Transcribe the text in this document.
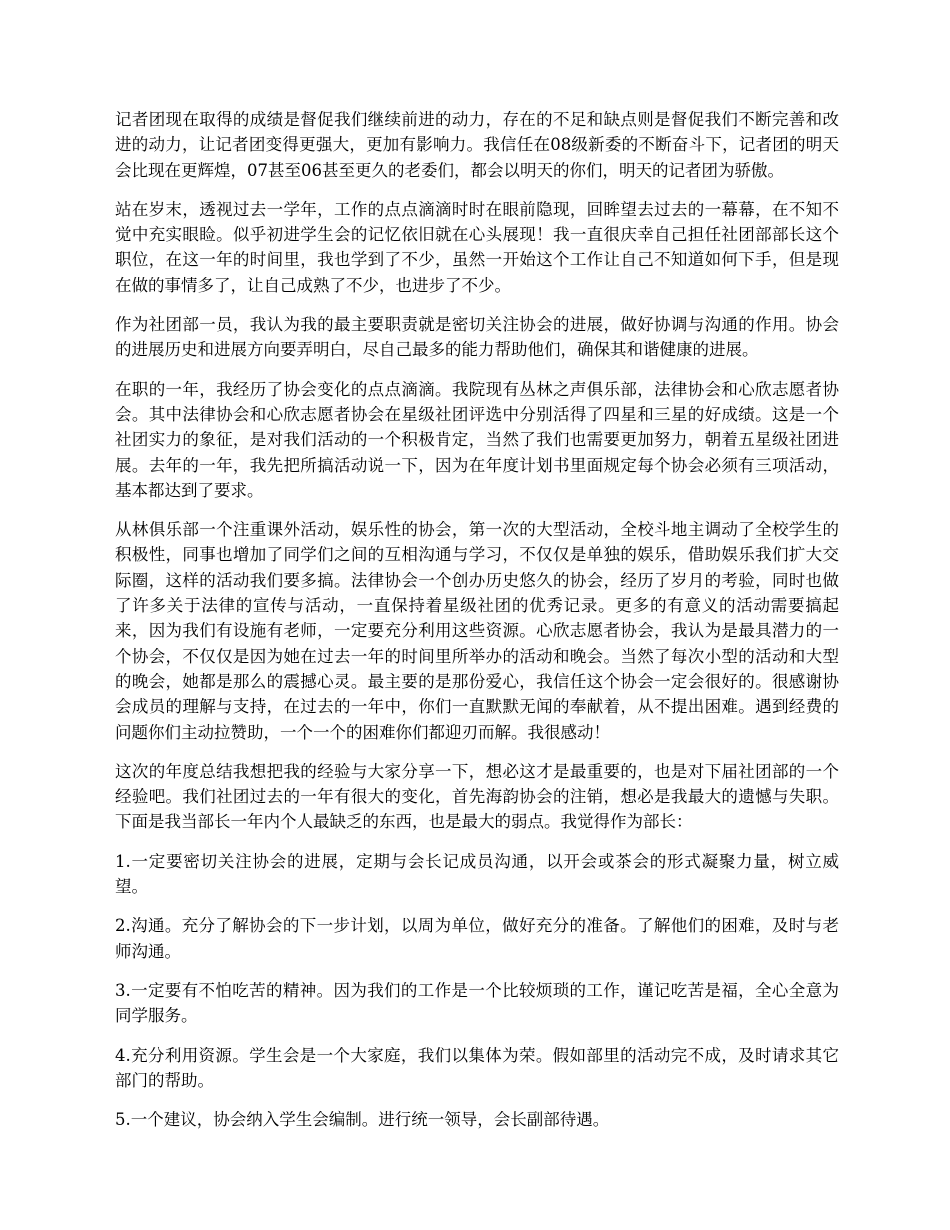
记者团现在取得的成绩是督促我们继续前进的动力，存在的不足和缺点则是督促我们不断完善和改进的动力，让记者团变得更强大，更加有影响力。我信任在08级新委的不断奋斗下，记者团的明天会比现在更辉煌，07甚至06甚至更久的老委们，都会以明天的你们，明天的记者团为骄傲。

站在岁末，透视过去一学年，工作的点点滴滴时时在眼前隐现，回眸望去过去的一幕幕，在不知不觉中充实眼睑。似乎初进学生会的记忆依旧就在心头展现！我一直很庆幸自己担任社团部部长这个职位，在这一年的时间里，我也学到了不少，虽然一开始这个工作让自己不知道如何下手，但是现在做的事情多了，让自己成熟了不少，也进步了不少。

作为社团部一员，我认为我的最主要职责就是密切关注协会的进展，做好协调与沟通的作用。协会的进展历史和进展方向要弄明白，尽自己最多的能力帮助他们，确保其和谐健康的进展。

在职的一年，我经历了协会变化的点点滴滴。我院现有丛林之声俱乐部，法律协会和心欣志愿者协会。其中法律协会和心欣志愿者协会在星级社团评选中分别活得了四星和三星的好成绩。这是一个社团实力的象征，是对我们活动的一个积极肯定，当然了我们也需要更加努力，朝着五星级社团进展。去年的一年，我先把所搞活动说一下，因为在年度计划书里面规定每个协会必须有三项活动，基本都达到了要求。

从林俱乐部一个注重课外活动，娱乐性的协会，第一次的大型活动，全校斗地主调动了全校学生的积极性，同事也增加了同学们之间的互相沟通与学习，不仅仅是单独的娱乐，借助娱乐我们扩大交际圈，这样的活动我们要多搞。法律协会一个创办历史悠久的协会，经历了岁月的考验，同时也做了许多关于法律的宣传与活动，一直保持着星级社团的优秀记录。更多的有意义的活动需要搞起来，因为我们有设施有老师，一定要充分利用这些资源。心欣志愿者协会，我认为是最具潜力的一个协会，不仅仅是因为她在过去一年的时间里所举办的活动和晚会。当然了每次小型的活动和大型的晚会，她都是那么的震撼心灵。最主要的是那份爱心，我信任这个协会一定会很好的。很感谢协会成员的理解与支持，在过去的一年中，你们一直默默无闻的奉献着，从不提出困难。遇到经费的问题你们主动拉赞助，一个一个的困难你们都迎刃而解。我很感动！

这次的年度总结我想把我的经验与大家分享一下，想必这才是最重要的，也是对下届社团部的一个经验吧。我们社团过去的一年有很大的变化，首先海韵协会的注销，想必是我最大的遗憾与失职。下面是我当部长一年内个人最缺乏的东西，也是最大的弱点。我觉得作为部长：

1.一定要密切关注协会的进展，定期与会长记成员沟通，以开会或茶会的形式凝聚力量，树立威望。

2.沟通。充分了解协会的下一步计划，以周为单位，做好充分的准备。了解他们的困难，及时与老师沟通。

3.一定要有不怕吃苦的精神。因为我们的工作是一个比较烦琐的工作，谨记吃苦是福，全心全意为同学服务。

4.充分利用资源。学生会是一个大家庭，我们以集体为荣。假如部里的活动完不成，及时请求其它部门的帮助。

5.一个建议，协会纳入学生会编制。进行统一领导，会长副部待遇。
